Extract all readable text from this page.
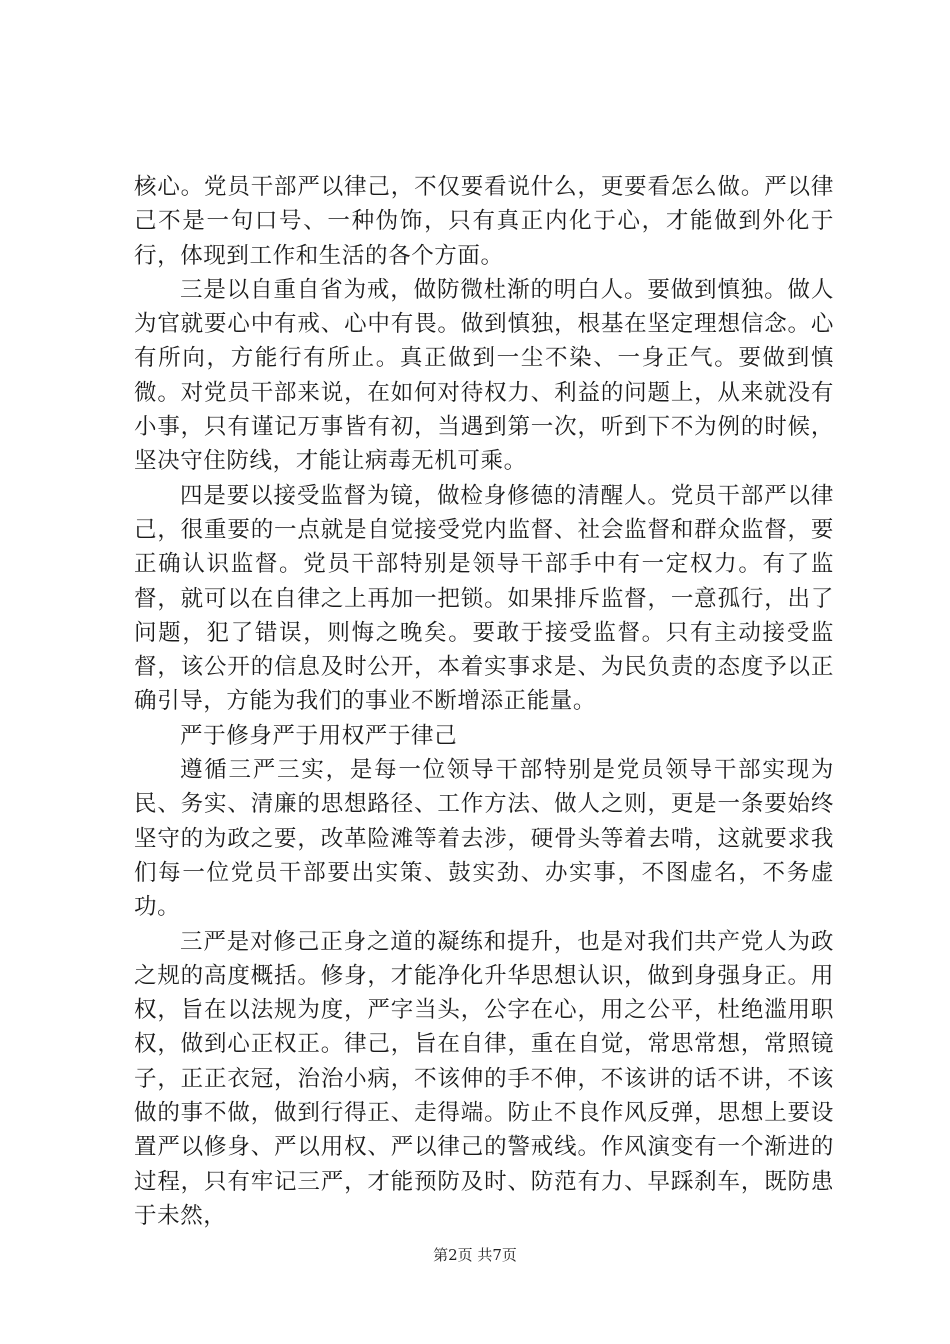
核心。党员干部严以律己，不仅要看说什么，更要看怎么做。严以律己不是一句口号、一种伪饰，只有真正内化于心，才能做到外化于行，体现到工作和生活的各个方面。

三是以自重自省为戒，做防微杜渐的明白人。要做到慎独。做人为官就要心中有戒、心中有畏。做到慎独，根基在坚定理想信念。心有所向，方能行有所止。真正做到一尘不染、一身正气。要做到慎微。对党员干部来说，在如何对待权力、利益的问题上，从来就没有小事，只有谨记万事皆有初，当遇到第一次，听到下不为例的时候，坚决守住防线，才能让病毒无机可乘。

四是要以接受监督为镜，做检身修德的清醒人。党员干部严以律己，很重要的一点就是自觉接受党内监督、社会监督和群众监督，要正确认识监督。党员干部特别是领导干部手中有一定权力。有了监督，就可以在自律之上再加一把锁。如果排斥监督，一意孤行，出了问题，犯了错误，则悔之晚矣。要敢于接受监督。只有主动接受监督，该公开的信息及时公开，本着实事求是、为民负责的态度予以正确引导，方能为我们的事业不断增添正能量。

严于修身严于用权严于律己

遵循三严三实，是每一位领导干部特别是党员领导干部实现为民、务实、清廉的思想路径、工作方法、做人之则，更是一条要始终坚守的为政之要，改革险滩等着去涉，硬骨头等着去啃，这就要求我们每一位党员干部要出实策、鼓实劲、办实事，不图虚名，不务虚功。

三严是对修己正身之道的凝练和提升，也是对我们共产党人为政之规的高度概括。修身，才能净化升华思想认识，做到身强身正。用权，旨在以法规为度，严字当头，公字在心，用之公平，杜绝滥用职权，做到心正权正。律己，旨在自律，重在自觉，常思常想，常照镜子，正正衣冠，治治小病，不该伸的手不伸，不该讲的话不讲，不该做的事不做，做到行得正、走得端。防止不良作风反弹，思想上要设置严以修身、严以用权、严以律己的警戒线。作风演变有一个渐进的过程，只有牢记三严，才能预防及时、防范有力、早踩刹车，既防患于未然，

第2页 共7页
